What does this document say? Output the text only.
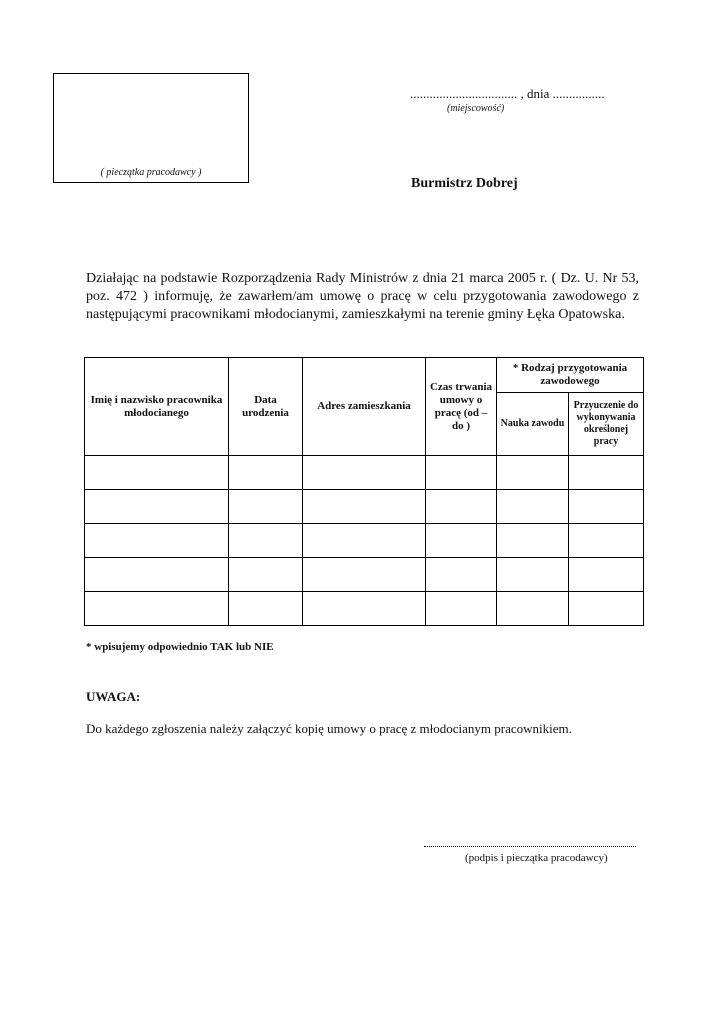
( pieczątka pracodawcy )
................................. , dnia ................
(miejscowość)
Burmistrz Dobrej
Działając na podstawie Rozporządzenia Rady Ministrów z dnia 21 marca 2005 r. ( Dz. U. Nr 53, poz. 472 ) informuję, że zawarłem/am umowę o pracę w celu przygotowania zawodowego z następującymi pracownikami młodocianymi, zamieszkałymi na terenie gminy Łęka Opatowska.
Imię i nazwisko pracownika młodocianego	Data urodzenia	Adres zamieszkania	Czas trwania umowy o pracę (od – do )	* Rodzaj przygotowania zawodowego	
				Nauka zawodu	Przyuczenie do wykonywania określonej pracy

* wpisujemy odpowiednio TAK lub NIE
UWAGA:
Do każdego zgłoszenia należy załączyć kopię umowy o pracę z młodocianym pracownikiem.
(podpis i pieczątka pracodawcy)
